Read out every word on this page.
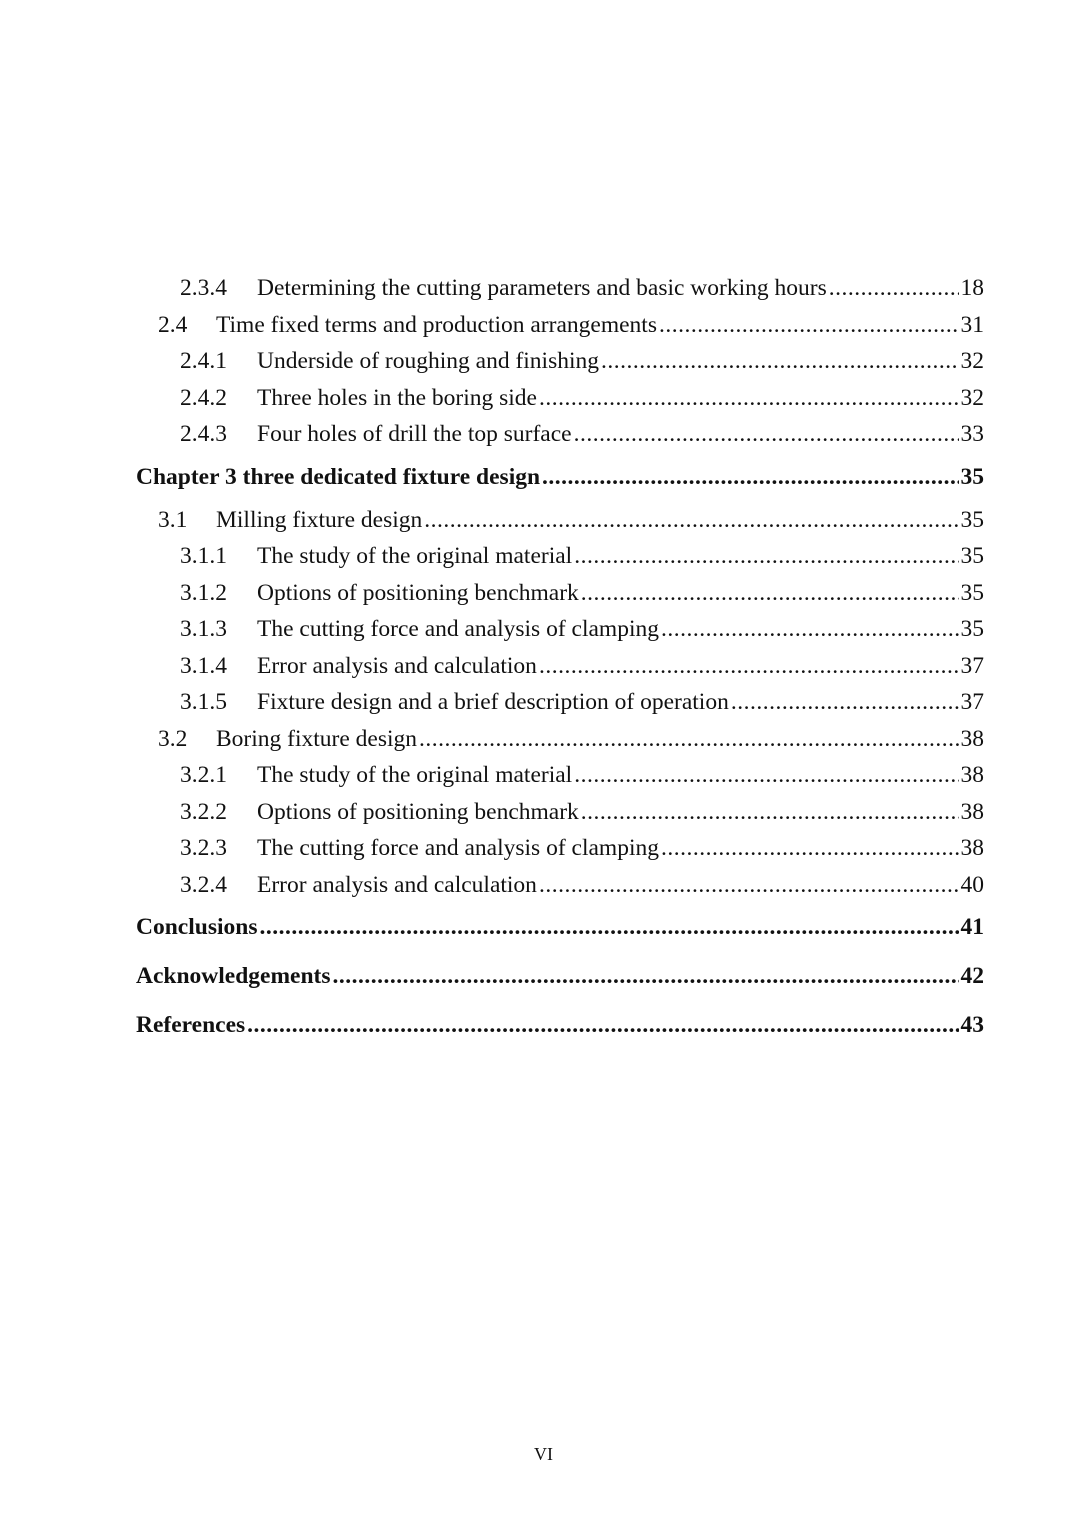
2.3.4	Determining the cutting parameters and basic working hours .....	18
2.4	Time fixed terms and production arrangements .....	31
2.4.1	Underside of roughing and finishing .....	32
2.4.2	Three holes in the boring side .....	32
2.4.3	Four holes of drill the top surface .....	33
Chapter 3 three dedicated fixture design .....	35
3.1	Milling fixture design .....	35
3.1.1	The study of the original material .....	35
3.1.2	Options of positioning benchmark .....	35
3.1.3	The cutting force and analysis of clamping .....	35
3.1.4	Error analysis and calculation .....	37
3.1.5	Fixture design and a brief description of operation .....	37
3.2	Boring fixture design .....	38
3.2.1	The study of the original material .....	38
3.2.2	Options of positioning benchmark .....	38
3.2.3	The cutting force and analysis of clamping .....	38
3.2.4	Error analysis and calculation .....	40
Conclusions .....	41
Acknowledgements .....	42
References .....	43
VI
